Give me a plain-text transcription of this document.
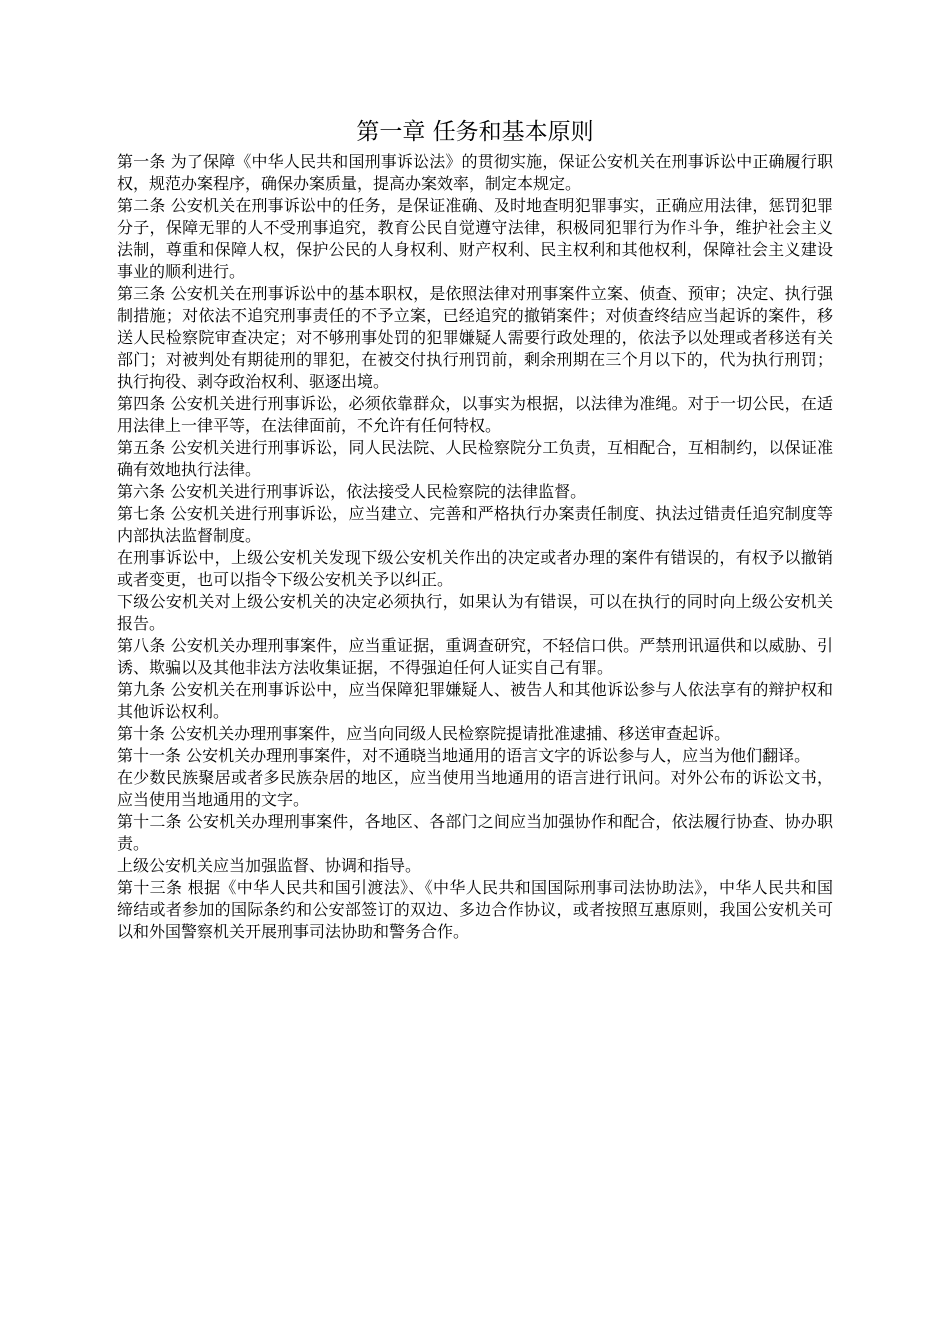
第一章 任务和基本原则

第一条 为了保障《中华人民共和国刑事诉讼法》的贯彻实施，保证公安机关在刑事诉讼中正确履行职权，规范办案程序，确保办案质量，提高办案效率，制定本规定。

第二条 公安机关在刑事诉讼中的任务，是保证准确、及时地查明犯罪事实，正确应用法律，惩罚犯罪分子，保障无罪的人不受刑事追究，教育公民自觉遵守法律，积极同犯罪行为作斗争，维护社会主义法制，尊重和保障人权，保护公民的人身权利、财产权利、民主权利和其他权利，保障社会主义建设事业的顺利进行。

第三条 公安机关在刑事诉讼中的基本职权，是依照法律对刑事案件立案、侦查、预审；决定、执行强制措施；对依法不追究刑事责任的不予立案，已经追究的撤销案件；对侦查终结应当起诉的案件，移送人民检察院审查决定；对不够刑事处罚的犯罪嫌疑人需要行政处理的，依法予以处理或者移送有关部门；对被判处有期徒刑的罪犯，在被交付执行刑罚前，剩余刑期在三个月以下的，代为执行刑罚；执行拘役、剥夺政治权利、驱逐出境。

第四条 公安机关进行刑事诉讼，必须依靠群众，以事实为根据，以法律为准绳。对于一切公民，在适用法律上一律平等，在法律面前，不允许有任何特权。

第五条 公安机关进行刑事诉讼，同人民法院、人民检察院分工负责，互相配合，互相制约，以保证准确有效地执行法律。

第六条 公安机关进行刑事诉讼，依法接受人民检察院的法律监督。

第七条 公安机关进行刑事诉讼，应当建立、完善和严格执行办案责任制度、执法过错责任追究制度等内部执法监督制度。

在刑事诉讼中，上级公安机关发现下级公安机关作出的决定或者办理的案件有错误的，有权予以撤销或者变更，也可以指令下级公安机关予以纠正。

下级公安机关对上级公安机关的决定必须执行，如果认为有错误，可以在执行的同时向上级公安机关报告。

第八条 公安机关办理刑事案件，应当重证据，重调查研究，不轻信口供。严禁刑讯逼供和以威胁、引诱、欺骗以及其他非法方法收集证据，不得强迫任何人证实自己有罪。

第九条 公安机关在刑事诉讼中，应当保障犯罪嫌疑人、被告人和其他诉讼参与人依法享有的辩护权和其他诉讼权利。

第十条 公安机关办理刑事案件，应当向同级人民检察院提请批准逮捕、移送审查起诉。

第十一条 公安机关办理刑事案件，对不通晓当地通用的语言文字的诉讼参与人，应当为他们翻译。

在少数民族聚居或者多民族杂居的地区，应当使用当地通用的语言进行讯问。对外公布的诉讼文书，应当使用当地通用的文字。

第十二条 公安机关办理刑事案件，各地区、各部门之间应当加强协作和配合，依法履行协查、协办职责。

上级公安机关应当加强监督、协调和指导。

第十三条 根据《中华人民共和国引渡法》、《中华人民共和国国际刑事司法协助法》，中华人民共和国缔结或者参加的国际条约和公安部签订的双边、多边合作协议，或者按照互惠原则，我国公安机关可以和外国警察机关开展刑事司法协助和警务合作。
